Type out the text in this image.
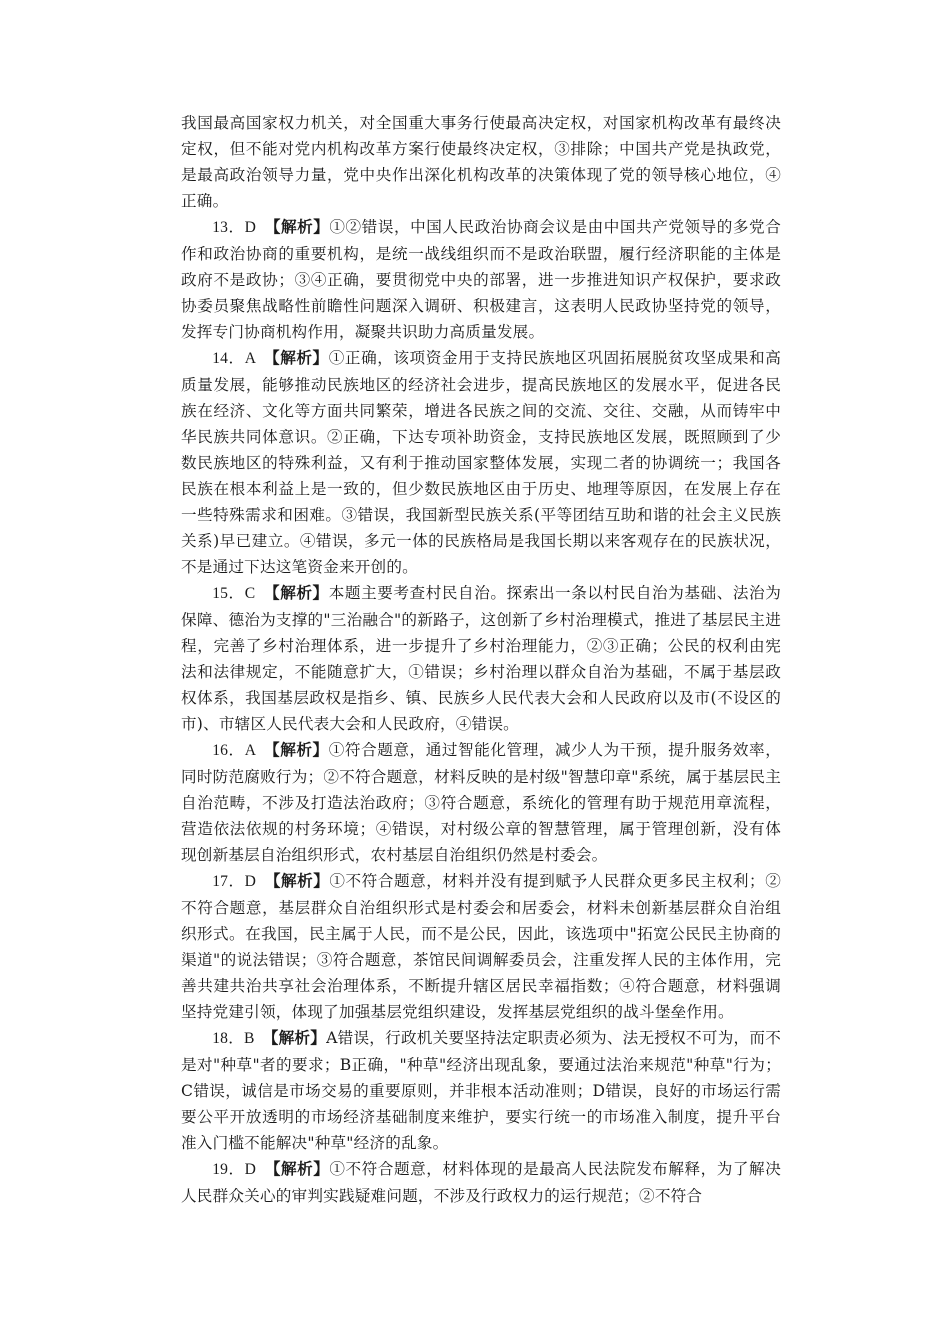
我国最高国家权力机关，对全国重大事务行使最高决定权，对国家机构改革有最终决定权，但不能对党内机构改革方案行使最终决定权，③排除；中国共产党是执政党，是最高政治领导力量，党中央作出深化机构改革的决策体现了党的领导核心地位，④正确。

13．D　【解析】①②错误，中国人民政治协商会议是由中国共产党领导的多党合作和政治协商的重要机构，是统一战线组织而不是政治联盟，履行经济职能的主体是政府不是政协；③④正确，要贯彻党中央的部署，进一步推进知识产权保护，要求政协委员聚焦战略性前瞻性问题深入调研、积极建言，这表明人民政协坚持党的领导，发挥专门协商机构作用，凝聚共识助力高质量发展。

14．A　【解析】①正确，该项资金用于支持民族地区巩固拓展脱贫攻坚成果和高质量发展，能够推动民族地区的经济社会进步，提高民族地区的发展水平，促进各民族在经济、文化等方面共同繁荣，增进各民族之间的交流、交往、交融，从而铸牢中华民族共同体意识。②正确，下达专项补助资金，支持民族地区发展，既照顾到了少数民族地区的特殊利益，又有利于推动国家整体发展，实现二者的协调统一；我国各民族在根本利益上是一致的，但少数民族地区由于历史、地理等原因，在发展上存在一些特殊需求和困难。③错误，我国新型民族关系(平等团结互助和谐的社会主义民族关系)早已建立。④错误，多元一体的民族格局是我国长期以来客观存在的民族状况，不是通过下达这笔资金来开创的。

15．C　【解析】本题主要考查村民自治。探索出一条以村民自治为基础、法治为保障、德治为支撑的"三治融合"的新路子，这创新了乡村治理模式，推进了基层民主进程，完善了乡村治理体系，进一步提升了乡村治理能力，②③正确；公民的权利由宪法和法律规定，不能随意扩大，①错误；乡村治理以群众自治为基础，不属于基层政权体系，我国基层政权是指乡、镇、民族乡人民代表大会和人民政府以及市(不设区的市)、市辖区人民代表大会和人民政府，④错误。

16．A　【解析】①符合题意，通过智能化管理，减少人为干预，提升服务效率，同时防范腐败行为；②不符合题意，材料反映的是村级"智慧印章"系统，属于基层民主自治范畴，不涉及打造法治政府；③符合题意，系统化的管理有助于规范用章流程，营造依法依规的村务环境；④错误，对村级公章的智慧管理，属于管理创新，没有体现创新基层自治组织形式，农村基层自治组织仍然是村委会。

17．D　【解析】①不符合题意，材料并没有提到赋予人民群众更多民主权利；②不符合题意，基层群众自治组织形式是村委会和居委会，材料未创新基层群众自治组织形式。在我国，民主属于人民，而不是公民，因此，该选项中"拓宽公民民主协商的渠道"的说法错误；③符合题意，茶馆民间调解委员会，注重发挥人民的主体作用，完善共建共治共享社会治理体系，不断提升辖区居民幸福指数；④符合题意，材料强调坚持党建引领，体现了加强基层党组织建设，发挥基层党组织的战斗堡垒作用。

18．B　【解析】A错误，行政机关要坚持法定职责必须为、法无授权不可为，而不是对"种草"者的要求；B正确，"种草"经济出现乱象，要通过法治来规范"种草"行为；C错误，诚信是市场交易的重要原则，并非根本活动准则；D错误，良好的市场运行需要公平开放透明的市场经济基础制度来维护，要实行统一的市场准入制度，提升平台准入门槛不能解决"种草"经济的乱象。

19．D　【解析】①不符合题意，材料体现的是最高人民法院发布解释，为了解决人民群众关心的审判实践疑难问题，不涉及行政权力的运行规范；②不符合
